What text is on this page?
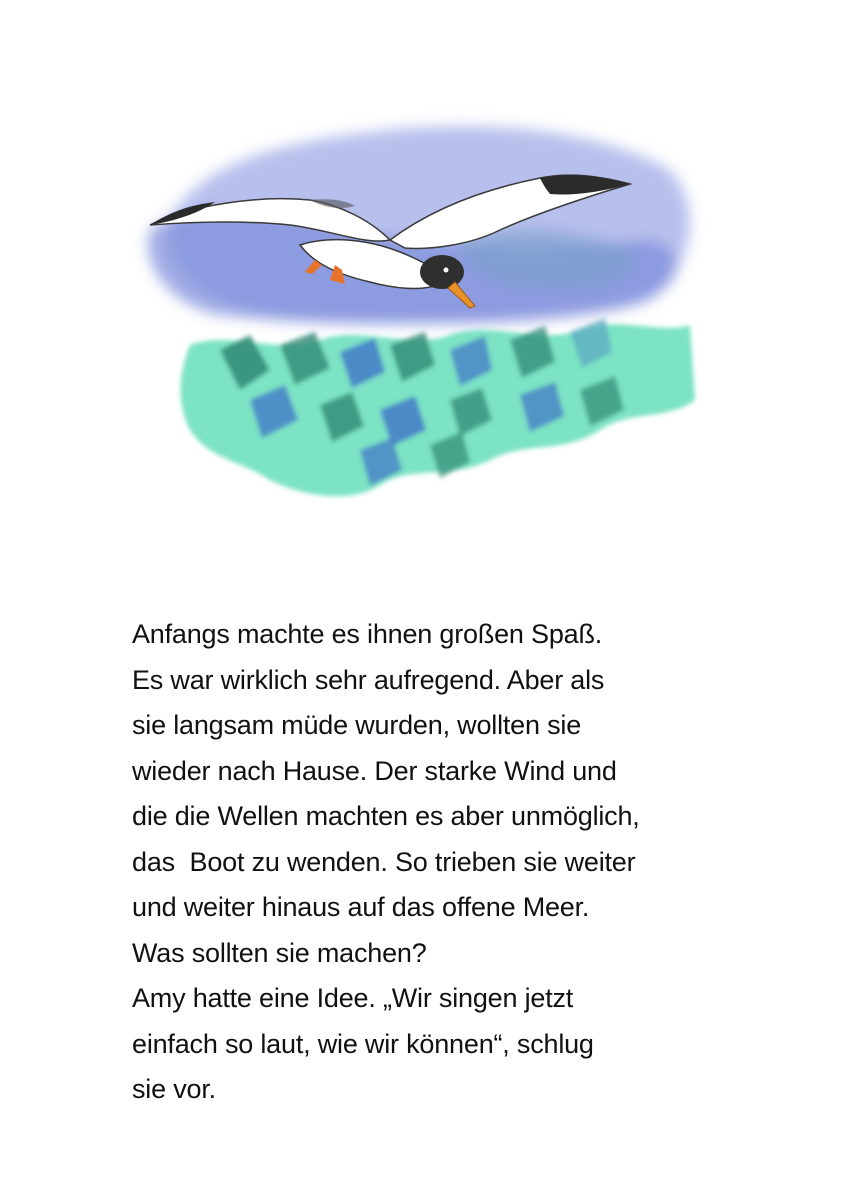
Anfangs machte es ihnen großen Spaß.
Es war wirklich sehr aufregend. Aber als
sie langsam müde wurden, wollten sie
wieder nach Hause. Der starke Wind und
die die Wellen machten es aber unmöglich,
das  Boot zu wenden. So trieben sie weiter
und weiter hinaus auf das offene Meer.
Was sollten sie machen?
Amy hatte eine Idee. „Wir singen jetzt
einfach so laut, wie wir können“, schlug
sie vor.
